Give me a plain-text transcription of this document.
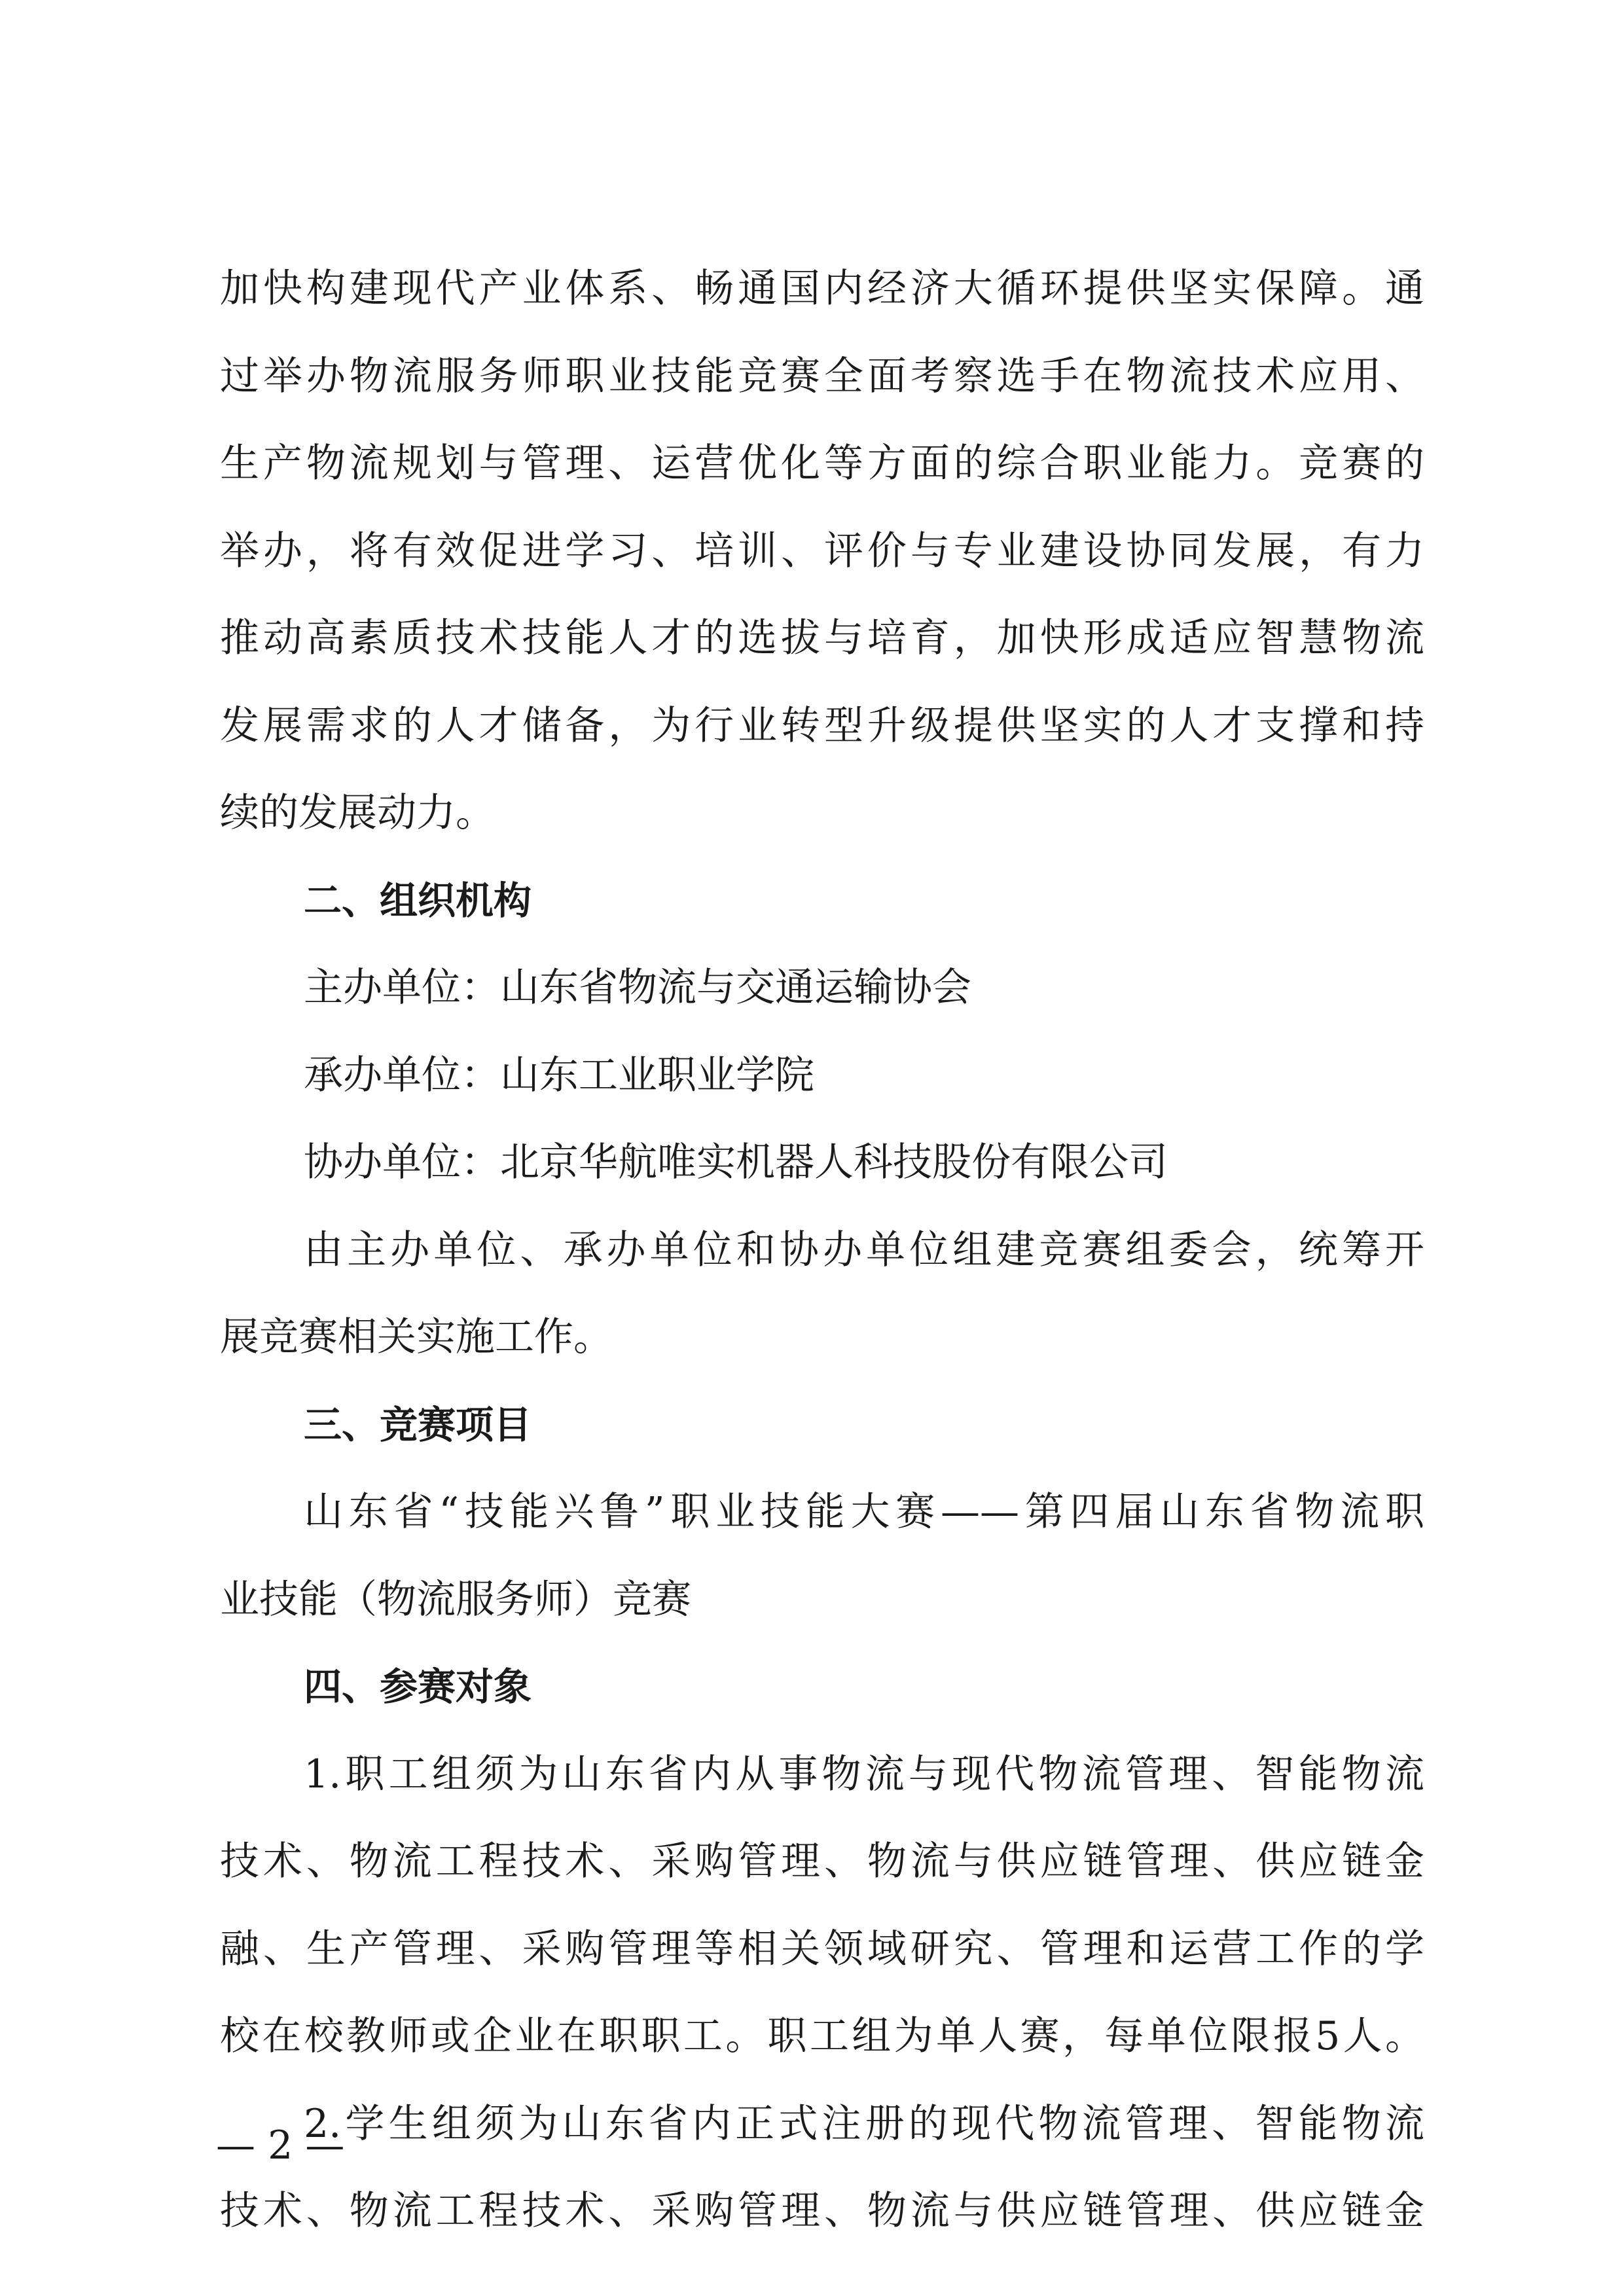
加快构建现代产业体系、畅通国内经济大循环提供坚实保障。通
过举办物流服务师职业技能竞赛全面考察选手在物流技术应用、
生产物流规划与管理、运营优化等方面的综合职业能力。竞赛的
举办，将有效促进学习、培训、评价与专业建设协同发展，有力
推动高素质技术技能人才的选拔与培育，加快形成适应智慧物流
发展需求的人才储备，为行业转型升级提供坚实的人才支撑和持
续的发展动力。
二、组织机构
主办单位：山东省物流与交通运输协会
承办单位：山东工业职业学院
协办单位：北京华航唯实机器人科技股份有限公司
由主办单位、承办单位和协办单位组建竞赛组委会，统筹开
展竞赛相关实施工作。
三、竞赛项目
山东省“技能兴鲁”职业技能大赛——第四届山东省物流职
业技能（物流服务师）竞赛
四、参赛对象
1.职工组须为山东省内从事物流与现代物流管理、智能物流
技术、物流工程技术、采购管理、物流与供应链管理、供应链金
融、生产管理、采购管理等相关领域研究、管理和运营工作的学
校在校教师或企业在职职工。职工组为单人赛，每单位限报5人。
2.学生组须为山东省内正式注册的现代物流管理、智能物流
技术、物流工程技术、采购管理、物流与供应链管理、供应链金
— 2 —
